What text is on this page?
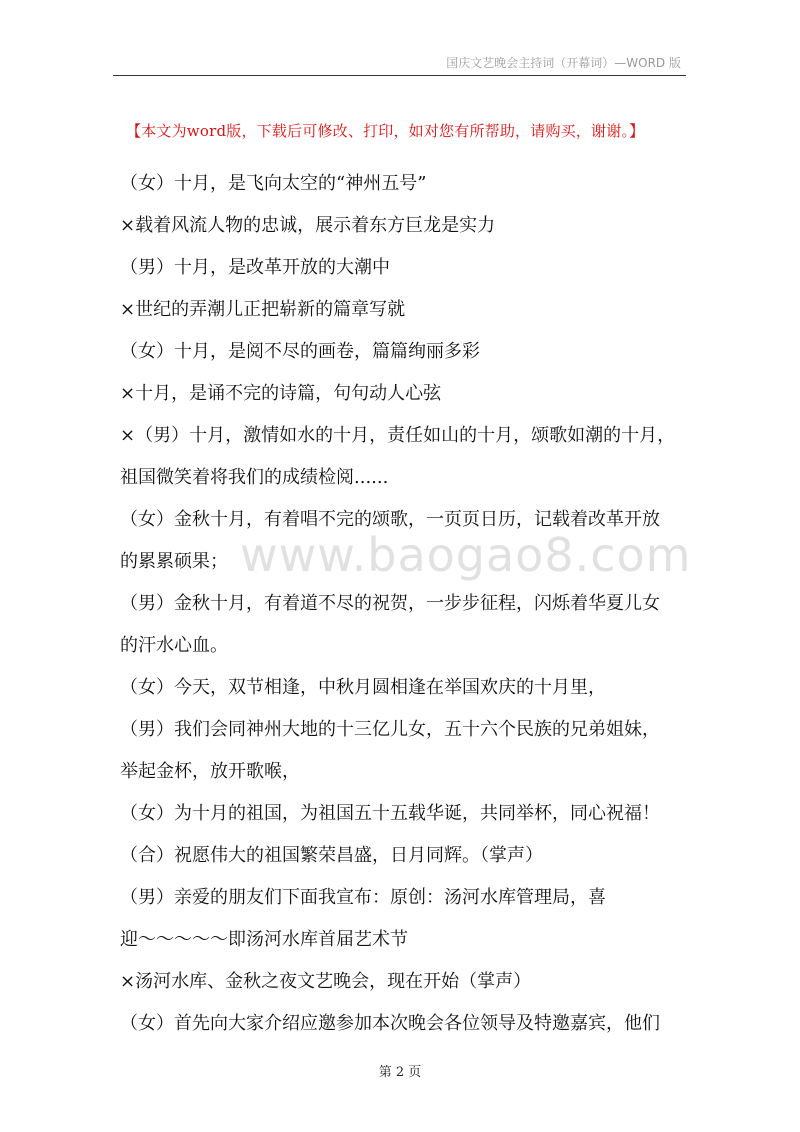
国庆文艺晚会主持词（开幕词）—WORD 版
【本文为word版，下载后可修改、打印，如对您有所帮助，请购买，谢谢。】
（女）十月，是飞向太空的“神州五号”
×载着风流人物的忠诚，展示着东方巨龙是实力
（男）十月，是改革开放的大潮中
×世纪的弄潮儿正把崭新的篇章写就
（女）十月，是阅不尽的画卷，篇篇绚丽多彩
×十月，是诵不完的诗篇，句句动人心弦
×（男）十月，激情如水的十月，责任如山的十月，颂歌如潮的十月，
祖国微笑着将我们的成绩检阅......
（女）金秋十月，有着唱不完的颂歌，一页页日历，记载着改革开放
的累累硕果；
（男）金秋十月，有着道不尽的祝贺，一步步征程，闪烁着华夏儿女
的汗水心血。
（女）今天，双节相逢，中秋月圆相逢在举国欢庆的十月里，
（男）我们会同神州大地的十三亿儿女，五十六个民族的兄弟姐妹，
举起金杯，放开歌喉，
（女）为十月的祖国，为祖国五十五载华诞，共同举杯，同心祝福！
（合）祝愿伟大的祖国繁荣昌盛，日月同辉。（掌声）
（男）亲爱的朋友们下面我宣布：原创：汤河水库管理局，喜
迎～～～～～即汤河水库首届艺术节
×汤河水库、金秋之夜文艺晚会，现在开始（掌声）
（女）首先向大家介绍应邀参加本次晚会各位领导及特邀嘉宾，他们
www.baogao8.com
第 2 页
